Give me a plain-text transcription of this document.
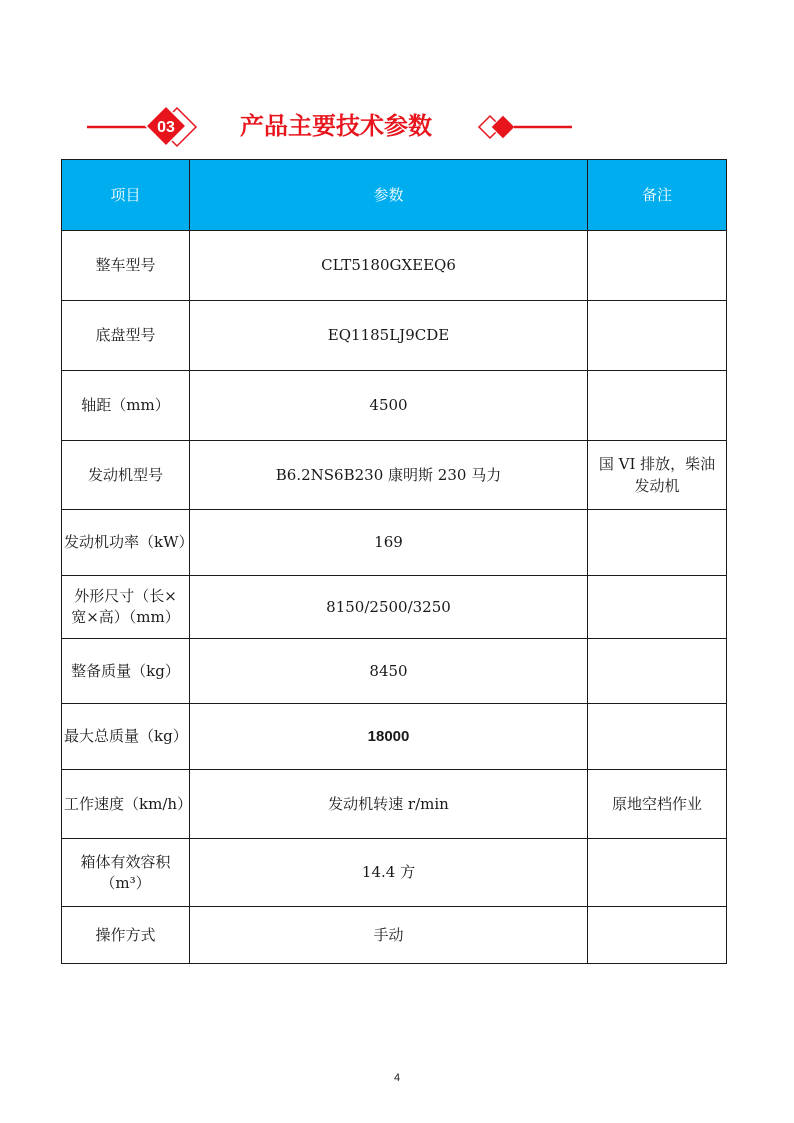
03	产品主要技术参数
项目	参数	备注
整车型号	CLT5180GXEEQ6	
底盘型号	EQ1185LJ9CDE	
轴距（mm）	4500	
发动机型号	B6.2NS6B230 康明斯 230 马力	国 VI 排放，柴油
发动机

发动机功率（kW）	169	

外形尺寸（长×
宽×高）（mm）	8150/2500/3250	
整备质量（kg）	8450	
最大总质量（kg）	18000	
工作速度（km/h）	发动机转速 r/min	原地空档作业

箱体有效容积
（m³）	14.4 方	
操作方式	手动	
4
